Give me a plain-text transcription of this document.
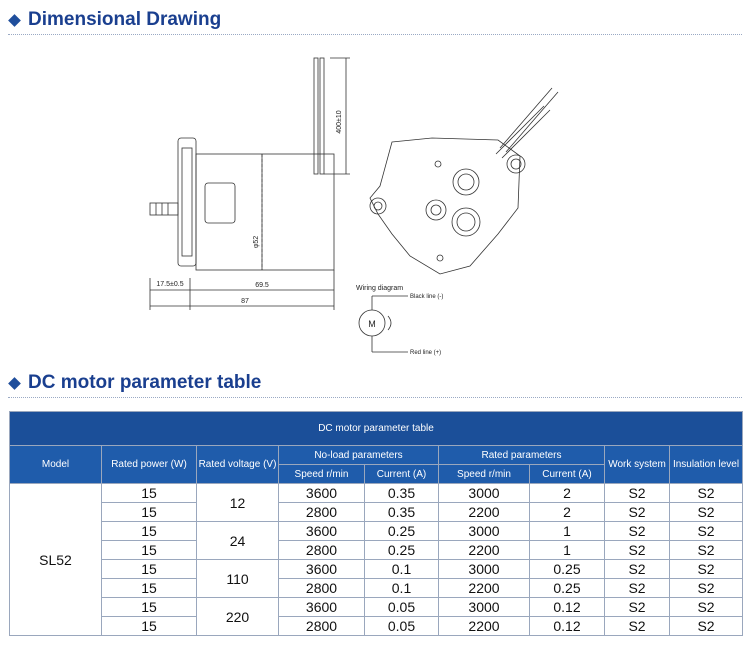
Dimensional Drawing
400±10
φ52
17.5±0.5	69.5
87
Wiring diagram
M
Black line (-)
Red line (+)
DC motor parameter table
DC motor parameter table								
Model	Rated power (W)	Rated voltage (V)	No-load parameters		Rated parameters		Work system	Insulation level
			Speed r/min	Current (A)	Speed r/min	Current (A)		
SL52	15	12	3600	0.35	3000	2	S2	S2
	15		2800	0.35	2200	2	S2	S2
	15	24	3600	0.25	3000	1	S2	S2
	15		2800	0.25	2200	1	S2	S2
	15	110	3600	0.1	3000	0.25	S2	S2
	15		2800	0.1	2200	0.25	S2	S2
	15	220	3600	0.05	3000	0.12	S2	S2
	15		2800	0.05	2200	0.12	S2	S2
